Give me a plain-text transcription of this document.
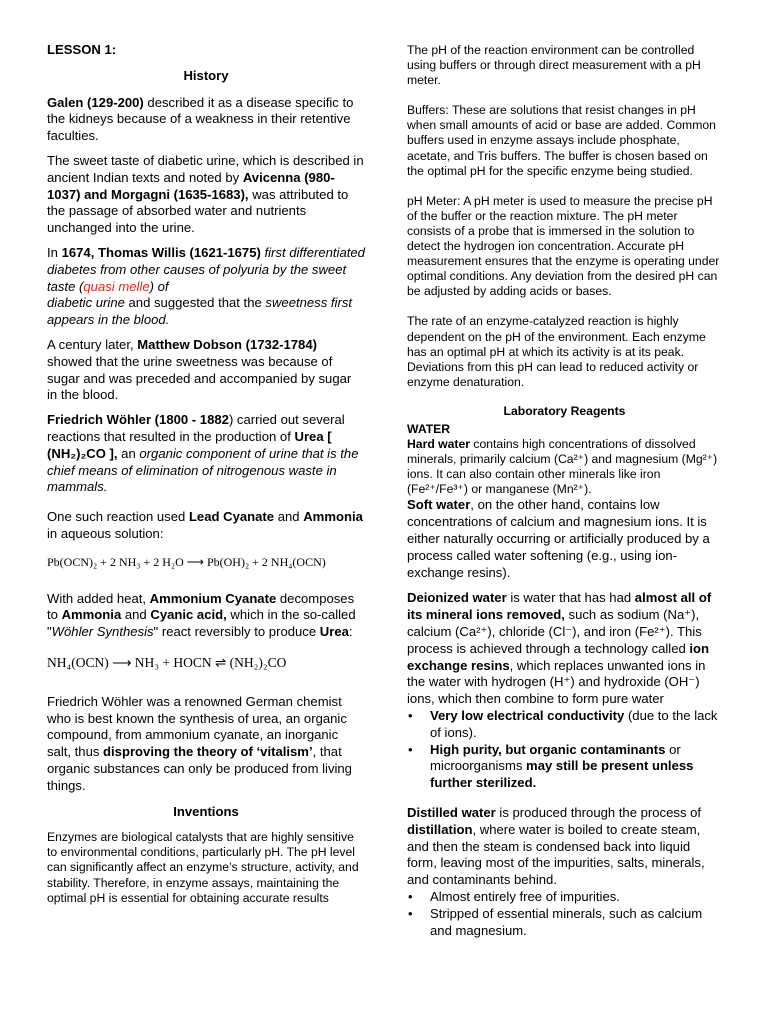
LESSON 1:

History

Galen (129-200) described it as a disease specific to the kidneys because of a weakness in their retentive faculties.

The sweet taste of diabetic urine, which is described in ancient Indian texts and noted by Avicenna (980-1037) and Morgagni (1635-1683), was attributed to the passage of absorbed water and nutrients unchanged into the urine.

In 1674, Thomas Willis (1621-1675) first differentiated diabetes from other causes of polyuria by the sweet taste (quasi melle) of
diabetic urine and suggested that the sweetness first appears in the blood.

A century later, Matthew Dobson (1732-1784) showed that the urine sweetness was because of sugar and was preceded and accompanied by sugar in the blood.

Friedrich Wöhler (1800 - 1882) carried out several reactions that resulted in the production of Urea [ (NH₂)₂CO ], an organic component of urine that is the chief means of elimination of nitrogenous waste in mammals.

One such reaction used Lead Cyanate and Ammonia in aqueous solution:

Pb(OCN)₂ + 2 NH₃ + 2 H₂O ⟶ Pb(OH)₂ + 2 NH₄(OCN)

With added heat, Ammonium Cyanate decomposes to Ammonia and Cyanic acid, which in the so-called "Wöhler Synthesis" react reversibly to produce Urea:

NH₄(OCN) ⟶ NH₃ + HOCN ⇌ (NH₂)₂CO

Friedrich Wöhler was a renowned German chemist who is best known the synthesis of urea, an organic compound, from ammonium cyanate, an inorganic salt, thus disproving the theory of ‘vitalism’, that organic substances can only be produced from living things.

Inventions

Enzymes are biological catalysts that are highly sensitive to environmental conditions, particularly pH. The pH level can significantly affect an enzyme’s structure, activity, and stability. Therefore, in enzyme assays, maintaining the optimal pH is essential for obtaining accurate results

The pH of the reaction environment can be controlled using buffers or through direct measurement with a pH meter.

Buffers: These are solutions that resist changes in pH when small amounts of acid or base are added. Common buffers used in enzyme assays include phosphate, acetate, and Tris buffers. The buffer is chosen based on the optimal pH for the specific enzyme being studied.

pH Meter: A pH meter is used to measure the precise pH of the buffer or the reaction mixture. The pH meter consists of a probe that is immersed in the solution to detect the hydrogen ion concentration. Accurate pH measurement ensures that the enzyme is operating under optimal conditions. Any deviation from the desired pH can be adjusted by adding acids or bases.

The rate of an enzyme-catalyzed reaction is highly dependent on the pH of the environment. Each enzyme has an optimal pH at which its activity is at its peak. Deviations from this pH can lead to reduced activity or enzyme denaturation.

Laboratory Reagents

WATER

Hard water contains high concentrations of dissolved minerals, primarily calcium (Ca²⁺) and magnesium (Mg²⁺) ions. It can also contain other minerals like iron (Fe²⁺/Fe³⁺) or manganese (Mn²⁺).

Soft water, on the other hand, contains low concentrations of calcium and magnesium ions. It is either naturally occurring or artificially produced by a process called water softening (e.g., using ion-exchange resins).

Deionized water is water that has had almost all of its mineral ions removed, such as sodium (Na⁺), calcium (Ca²⁺), chloride (Cl⁻), and iron (Fe²⁺). This process is achieved through a technology called ion exchange resins, which replaces unwanted ions in the water with hydrogen (H⁺) and hydroxide (OH⁻) ions, which then combine to form pure water

• Very low electrical conductivity (due to the lack of ions).
• High purity, but organic contaminants or microorganisms may still be present unless further sterilized.

Distilled water is produced through the process of distillation, where water is boiled to create steam, and then the steam is condensed back into liquid form, leaving most of the impurities, salts, minerals, and contaminants behind.

• Almost entirely free of impurities.
• Stripped of essential minerals, such as calcium and magnesium.
